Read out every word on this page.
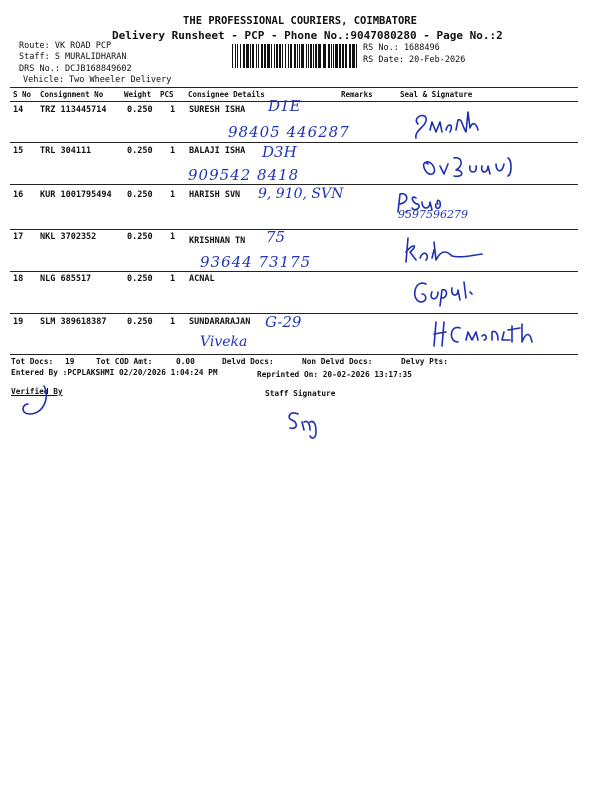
THE PROFESSIONAL COURIERS, COIMBATORE
Delivery Runsheet - PCP - Phone No.:9047080280 - Page No.:2
Route: VK ROAD PCP
Staff: S MURALIDHARAN
DRS No.: DCJB168849602
Vehicle: Two Wheeler Delivery
RS No.: 1688496
RS Date: 20-Feb-2026
S No Consignment No	Weight PCS Consignee Details	Remarks	Seal & Signature
14 TRZ 113445714 0.250 1 SURESH ISHA D1E
98405 446287
15 TRL 304111	0.250 1 BALAJI ISHA D3H
909542 8418
16 KUR 1001795494 0.250 1 HARISH SVN 9, 910, SVN
9597596279
17 NKL 3702352	0.250 1 KRISHNAN TN 75
93644 73175
18 NLG 685517	0.250 1 ACNAL
19 SLM 389618387 0.250 1 SUNDARARAJAN G-29
Viveka
Tot Docs: 19	Tot COD Amt:	0.00	Delvd Docs:	Non Delvd Docs:	Delvy Pts:
Entered By :PCPLAKSHMI 02/20/2026 1:04:24 PM	Reprinted On: 20-02-2026 13:17:35
Verified By	Staff Signature
